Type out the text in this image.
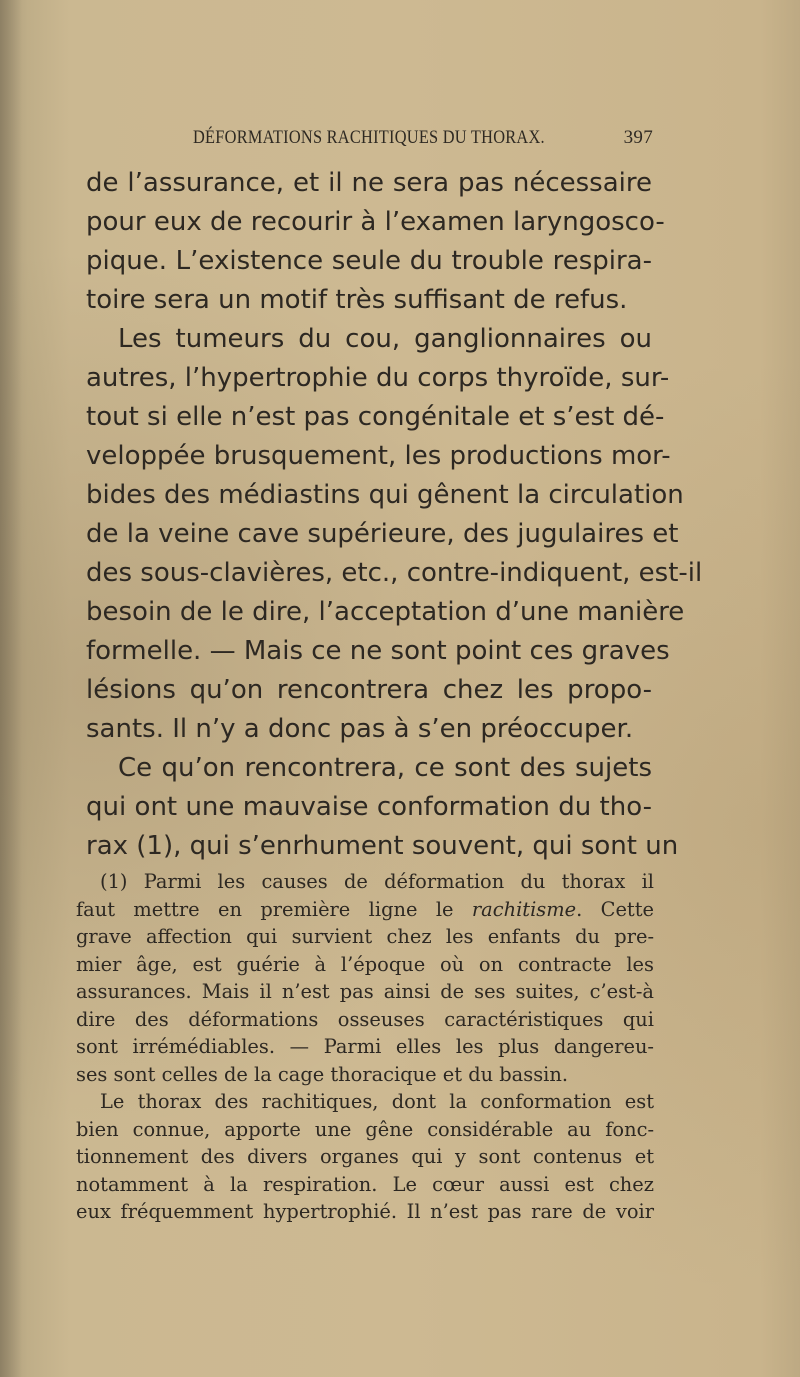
DÉFORMATIONS RACHITIQUES DU THORAX.	397
de l’assurance, et il ne sera pas nécessaire
pour eux de recourir à l’examen laryngosco-
pique. L’existence seule du trouble respira-
toire sera un motif très suffisant de refus.
Les tumeurs du cou, ganglionnaires ou
autres, l’hypertrophie du corps thyroïde, sur-
tout si elle n’est pas congénitale et s’est dé-
veloppée brusquement, les productions mor-
bides des médiastins qui gênent la circulation
de la veine cave supérieure, des jugulaires et
des sous-clavières, etc., contre-indiquent, est-il
besoin de le dire, l’acceptation d’une manière
formelle. — Mais ce ne sont point ces graves
lésions qu’on rencontrera chez les propo-
sants. Il n’y a donc pas à s’en préoccuper.
Ce qu’on rencontrera, ce sont des sujets
qui ont une mauvaise conformation du tho-
rax (1), qui s’enrhument souvent, qui sont un
(1) Parmi les causes de déformation du thorax il
faut mettre en première ligne le rachitisme. Cette
grave affection qui survient chez les enfants du pre-
mier âge, est guérie à l’époque où on contracte les
assurances. Mais il n’est pas ainsi de ses suites, c’est-à
dire des déformations osseuses caractéristiques qui
sont irrémédiables. — Parmi elles les plus dangereu-
ses sont celles de la cage thoracique et du bassin.
Le thorax des rachitiques, dont la conformation est
bien connue, apporte une gêne considérable au fonc-
tionnement des divers organes qui y sont contenus et
notamment à la respiration. Le cœur aussi est chez
eux fréquemment hypertrophié. Il n’est pas rare de voir
